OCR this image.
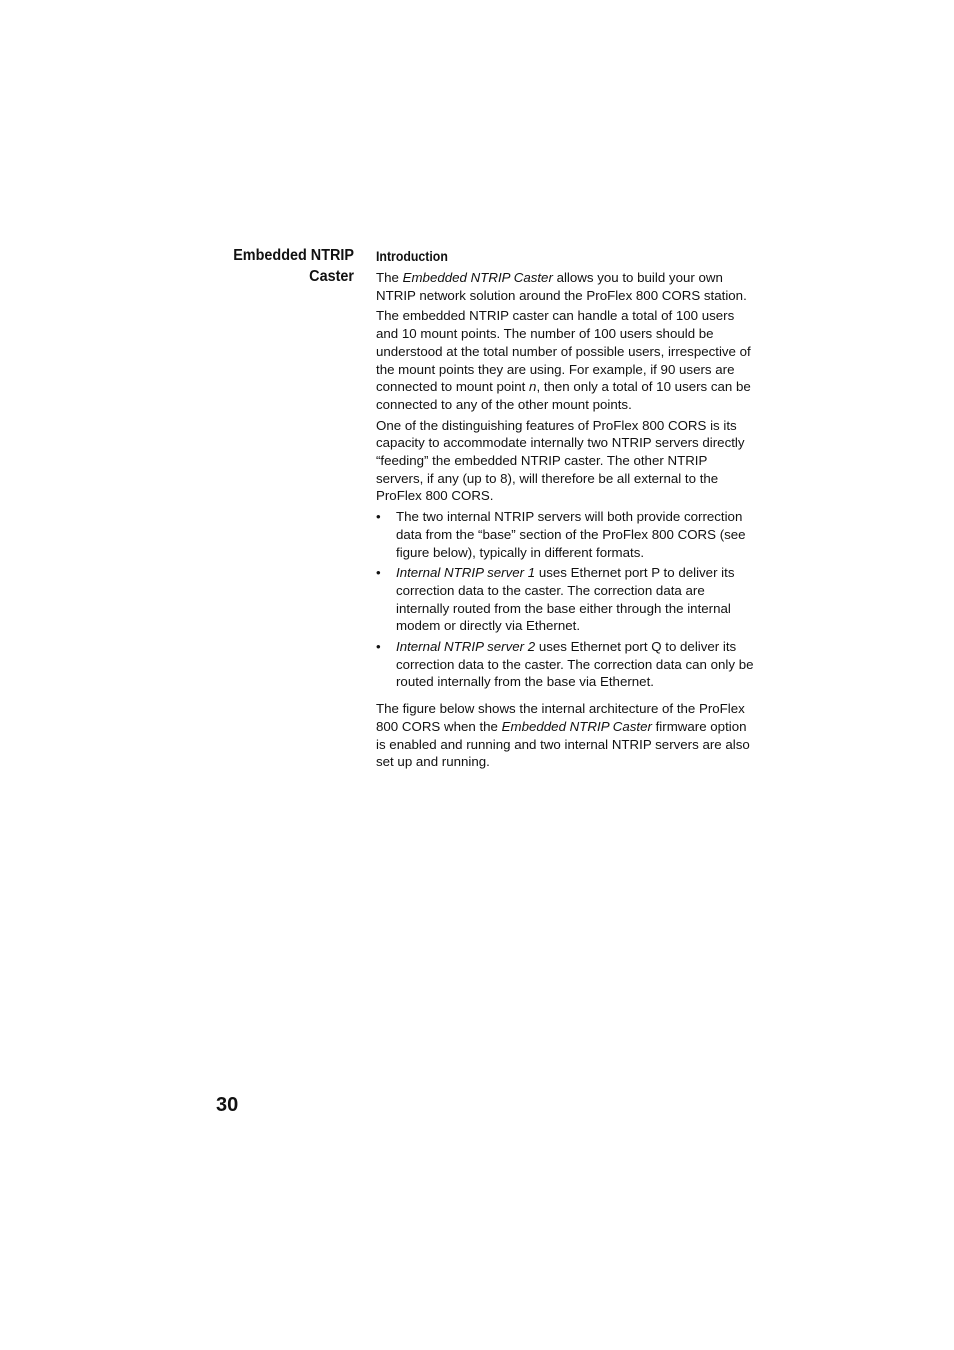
Embedded NTRIP
Caster
Introduction

The Embedded NTRIP Caster allows you to build your own NTRIP network solution around the ProFlex 800 CORS station.

The embedded NTRIP caster can handle a total of 100 users and 10 mount points. The number of 100 users should be understood at the total number of possible users, irrespective of the mount points they are using. For example, if 90 users are connected to mount point n, then only a total of 10 users can be connected to any of the other mount points.

One of the distinguishing features of ProFlex 800 CORS is its capacity to accommodate internally two NTRIP servers directly “feeding” the embedded NTRIP caster. The other NTRIP servers, if any (up to 8), will therefore be all external to the ProFlex 800 CORS.

• The two internal NTRIP servers will both provide correction data from the “base” section of the ProFlex 800 CORS (see figure below), typically in different formats.
• Internal NTRIP server 1 uses Ethernet port P to deliver its correction data to the caster. The correction data are internally routed from the base either through the internal modem or directly via Ethernet.
• Internal NTRIP server 2 uses Ethernet port Q to deliver its correction data to the caster. The correction data can only be routed internally from the base via Ethernet.

The figure below shows the internal architecture of the ProFlex 800 CORS when the Embedded NTRIP Caster firmware option is enabled and running and two internal NTRIP servers are also set up and running.

30
